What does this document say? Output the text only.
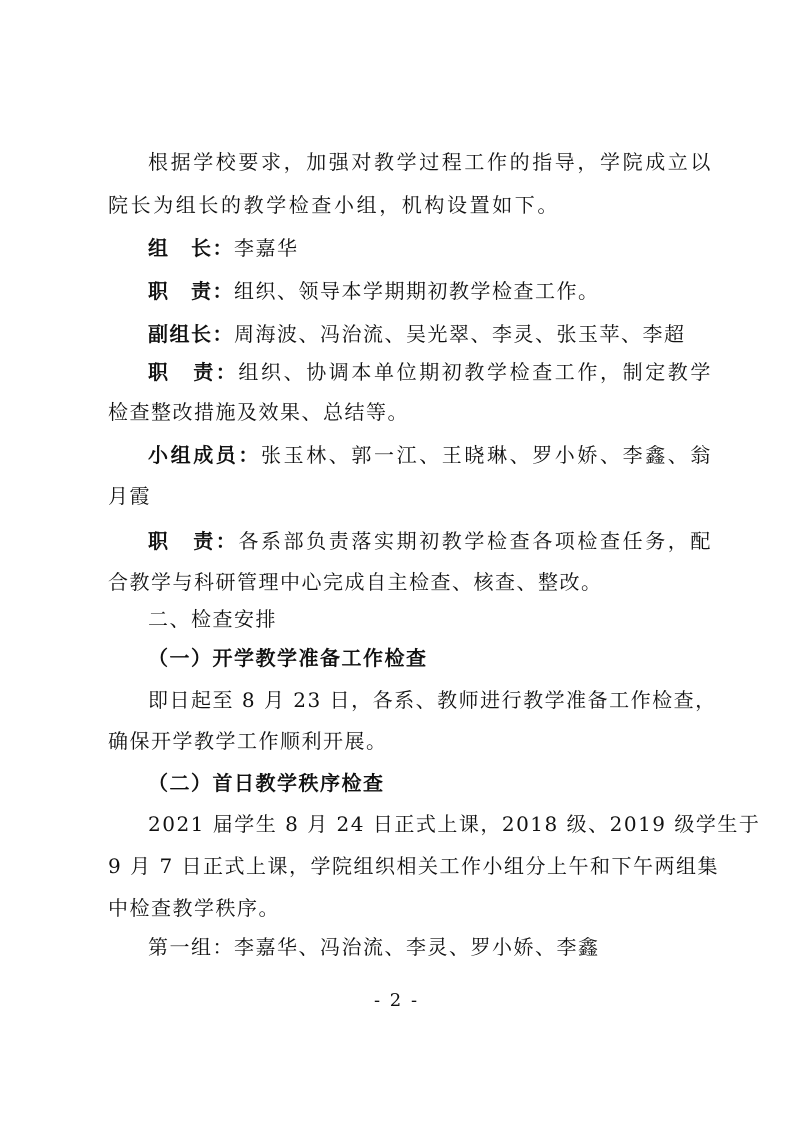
根据学校要求，加强对教学过程工作的指导，学院成立以
院长为组长的教学检查小组，机构设置如下。
组　长：李嘉华
职　责：组织、领导本学期期初教学检查工作。
副组长：周海波、冯治流、吴光翠、李灵、张玉苹、李超
职　责：组织、协调本单位期初教学检查工作，制定教学
检查整改措施及效果、总结等。
小组成员：张玉林、郭一江、王晓琳、罗小娇、李鑫、翁
月霞
职　责：各系部负责落实期初教学检查各项检查任务，配
合教学与科研管理中心完成自主检查、核查、整改。
二、检查安排
（一）开学教学准备工作检查
即日起至 8 月 23 日，各系、教师进行教学准备工作检查，
确保开学教学工作顺利开展。
（二）首日教学秩序检查
2021 届学生 8 月 24 日正式上课，2018 级、2019 级学生于
9 月 7 日正式上课，学院组织相关工作小组分上午和下午两组集
中检查教学秩序。
第一组：李嘉华、冯治流、李灵、罗小娇、李鑫
- 2 -
